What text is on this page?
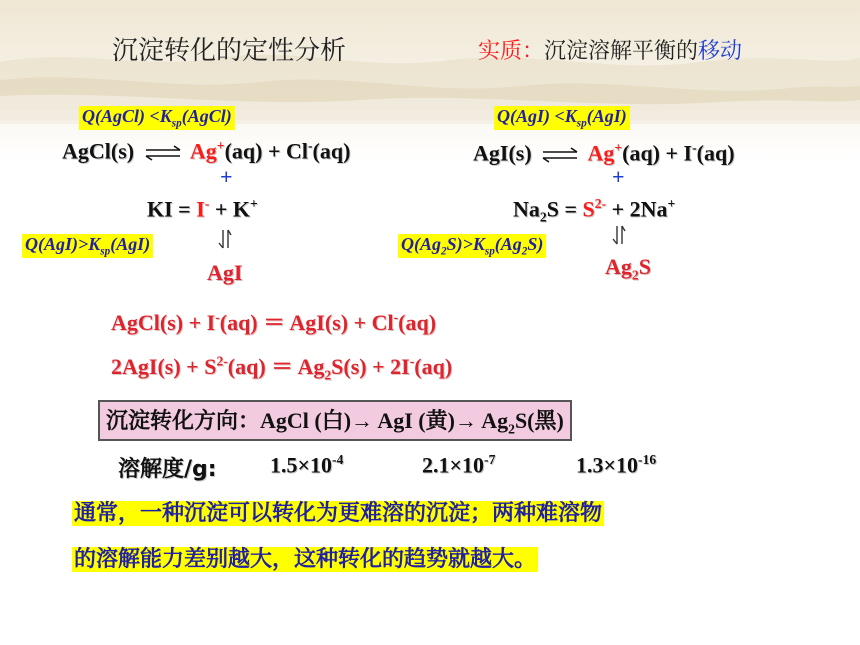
沉淀转化的定性分析	实质：沉淀溶解平衡的移动
Q(AgCl) $<K_{sp}(AgCl)$
AgCl(s) ⇌ Ag+(aq) + Cl-(aq)
+
KI = I- + K+
$Q(AgI)>K_{sp}(AgI)$
AgI
$Q(AgI) <K_{sp}(AgI)$
AgI(s) ⇌ Ag+(aq) + I-(aq)
+
$Na_2S = S^{2-} + 2Na^+$
$Q(Ag_2S)>K_{sp}(Ag_2S)$
$Ag_2S$
AgCl(s) + I-(aq) ＝ AgI(s) + Cl-(aq)
$2AgI(s) + S^{2-}(aq) = Ag_2S(s) + 2I^-(aq)$
沉淀转化方向：AgCl (白)→ AgI (黄)→ $Ag_2S$(黑)
溶解度/g: $1.5\times 10^{-4}$	$2.1\times 10^{-7}$	$1.3\times 10^{-16}$
通常，一种沉淀可以转化为更难溶的沉淀；两种难溶物
的溶解能力差别越大，这种转化的趋势就越大。
